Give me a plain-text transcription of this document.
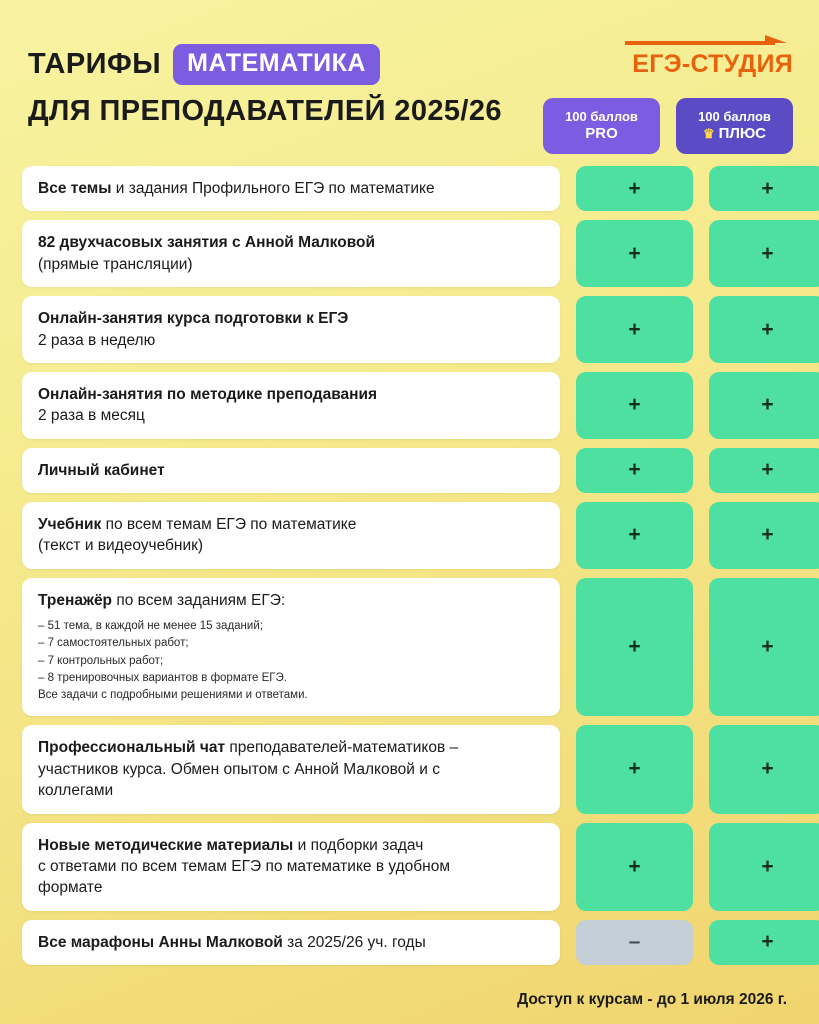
ЕГЭ-СТУДИЯ
ТАРИФЫ	МАТЕМАТИКА
ДЛЯ ПРЕПОДАВАТЕЛЕЙ 2025/26	100 баллов
PRO
100 баллов
♛ ПЛЮС
Все темы и задания Профильного ЕГЭ по математике	+	+
82 двухчасовых занятия с Анной Малковой
(прямые трансляции)	+	+
Онлайн-занятия курса подготовки к ЕГЭ
2 раза в неделю	+	+
Онлайн-занятия по методике преподавания
2 раза в месяц	+	+
Личный кабинет	+	+
Учебник по всем темам ЕГЭ по математике
(текст и видеоучебник)	+	+
Тренажёр по всем заданиям ЕГЭ:
– 51 тема, в каждой не менее 15 заданий;
– 7 самостоятельных работ;
– 7 контрольных работ;
– 8 тренировочных вариантов в формате ЕГЭ.
Все задачи с подробными решениями и ответами.
+	+
Профессиональный чат преподавателей-математиков –
участников курса. Обмен опытом с Анной Малковой и с
коллегами
+	+
Новые методические материалы и подборки задач
с ответами по всем темам ЕГЭ по математике в удобном
формате
+	+
Все марафоны Анны Малковой за 2025/26 уч. годы	–	+
Доступ к курсам - до 1 июля 2026 г.
